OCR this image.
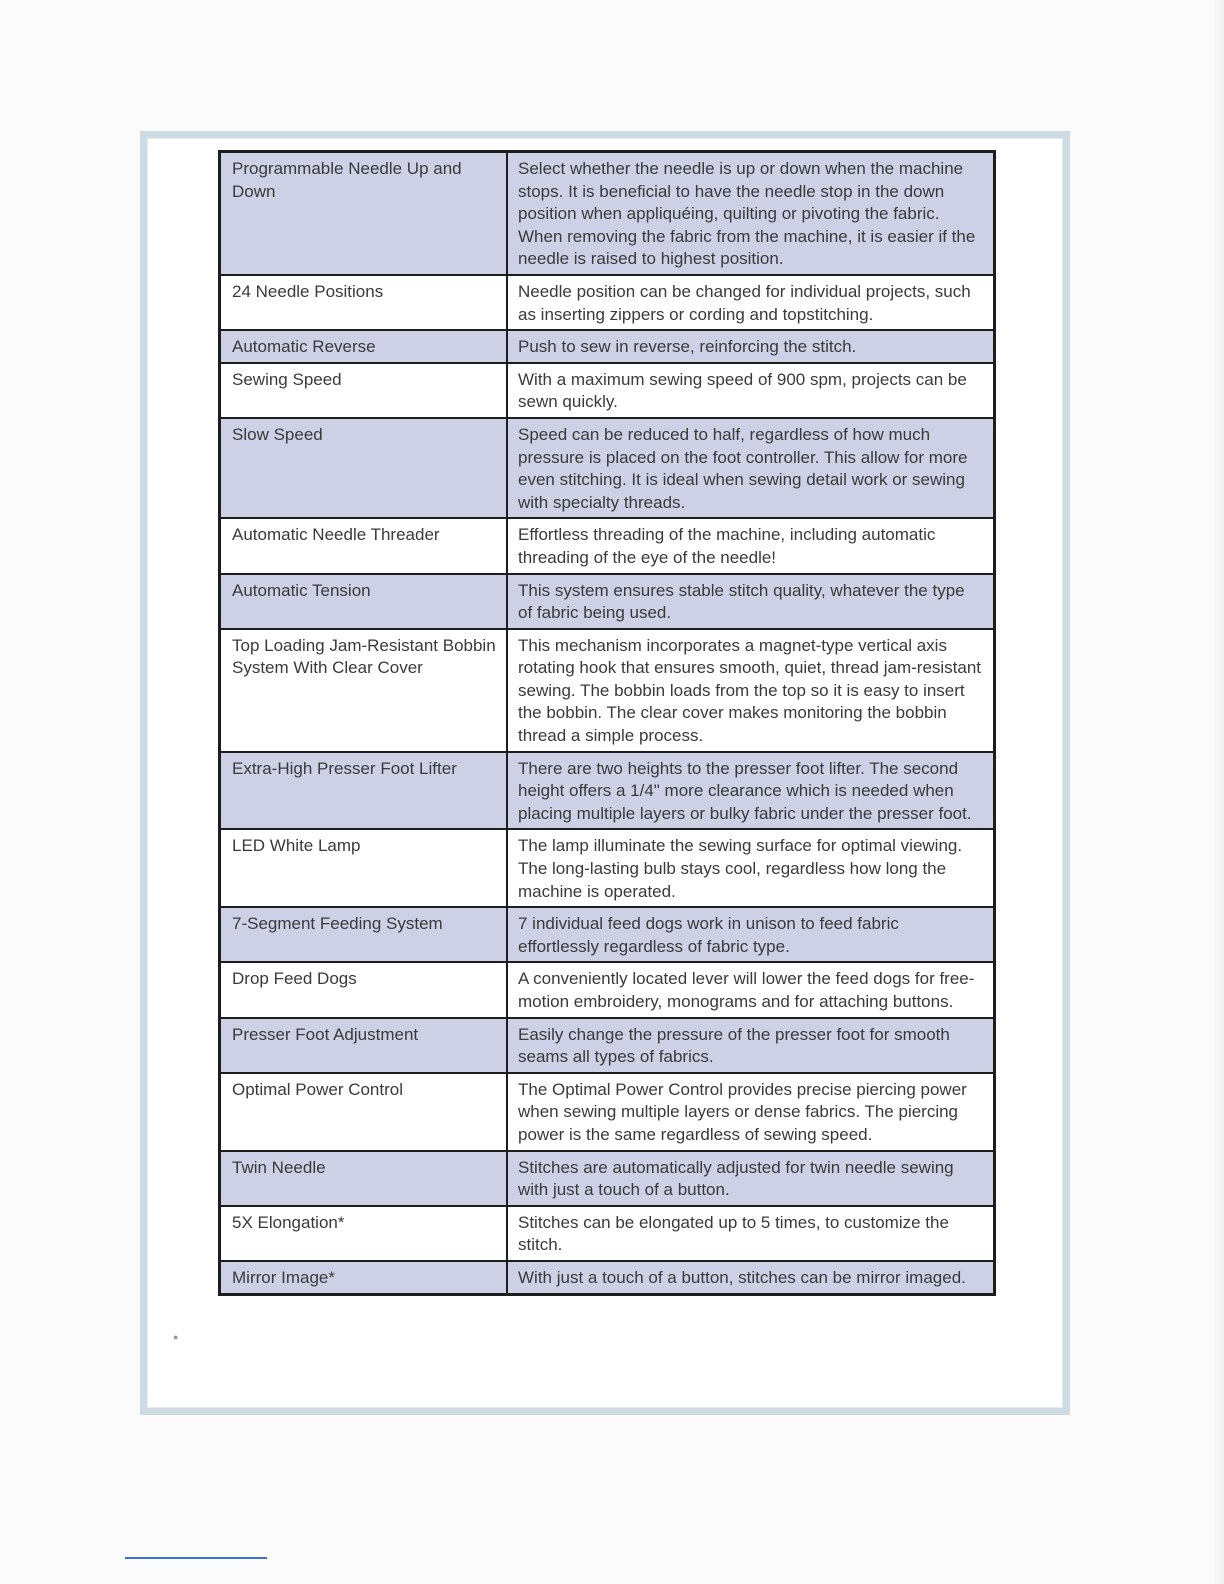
Programmable Needle Up and Down	Select whether the needle is up or down when the machine stops. It is beneficial to have the needle stop in the down position when appliquéing, quilting or pivoting the fabric. When removing the fabric from the machine, it is easier if the needle is raised to highest position.
24 Needle Positions	Needle position can be changed for individual projects, such as inserting zippers or cording and topstitching.
Automatic Reverse	Push to sew in reverse, reinforcing the stitch.
Sewing Speed	With a maximum sewing speed of 900 spm, projects can be sewn quickly.
Slow Speed	Speed can be reduced to half, regardless of how much pressure is placed on the foot controller. This allow for more even stitching. It is ideal when sewing detail work or sewing with specialty threads.
Automatic Needle Threader	Effortless threading of the machine, including automatic threading of the eye of the needle!
Automatic Tension	This system ensures stable stitch quality, whatever the type of fabric being used.
Top Loading Jam-Resistant Bobbin System With Clear Cover	This mechanism incorporates a magnet-type vertical axis rotating hook that ensures smooth, quiet, thread jam-resistant sewing. The bobbin loads from the top so it is easy to insert the bobbin. The clear cover makes monitoring the bobbin thread a simple process.
Extra-High Presser Foot Lifter	There are two heights to the presser foot lifter. The second height offers a 1/4" more clearance which is needed when placing multiple layers or bulky fabric under the presser foot.
LED White Lamp	The lamp illuminate the sewing surface for optimal viewing. The long-lasting bulb stays cool, regardless how long the machine is operated.
7-Segment Feeding System	7 individual feed dogs work in unison to feed fabric effortlessly regardless of fabric type.
Drop Feed Dogs	A conveniently located lever will lower the feed dogs for free-motion embroidery, monograms and for attaching buttons.
Presser Foot Adjustment	Easily change the pressure of the presser foot for smooth seams all types of fabrics.
Optimal Power Control	The Optimal Power Control provides precise piercing power when sewing multiple layers or dense fabrics. The piercing power is the same regardless of sewing speed.
Twin Needle	Stitches are automatically adjusted for twin needle sewing with just a touch of a button.
5X Elongation*	Stitches can be elongated up to 5 times, to customize the stitch.
Mirror Image*	With just a touch of a button, stitches can be mirror imaged.
●
